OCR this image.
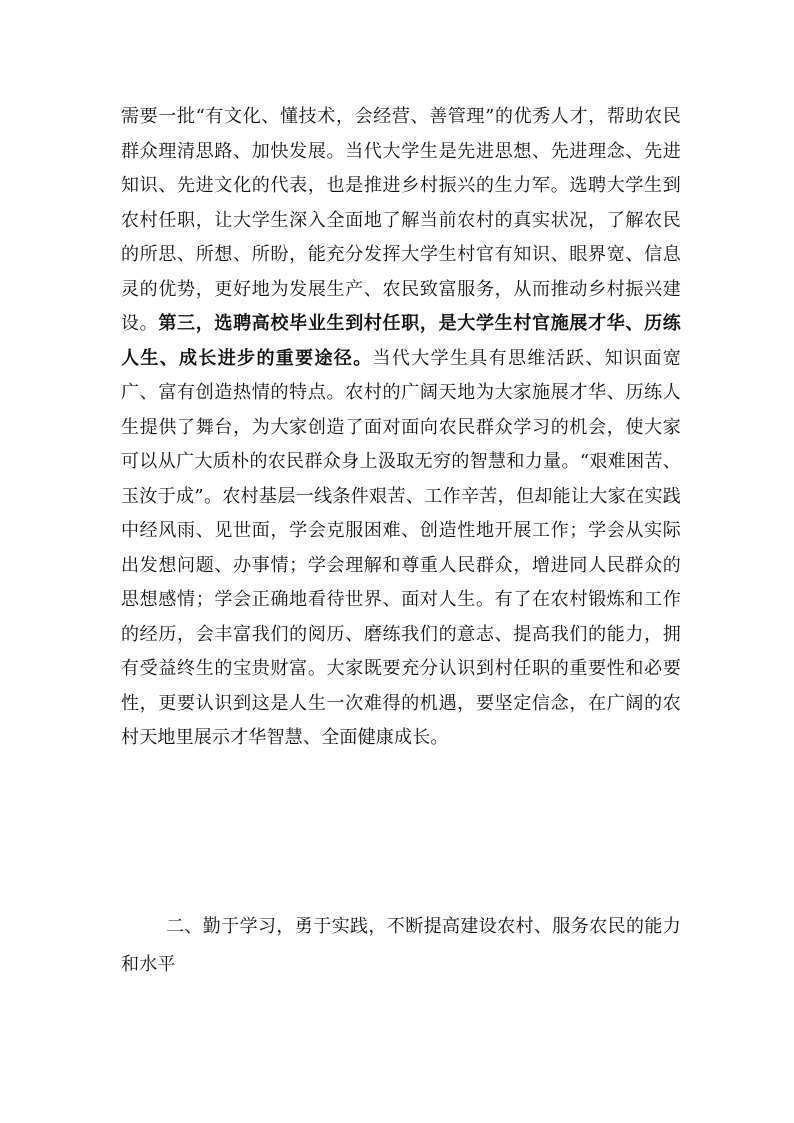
需要一批“有文化、懂技术，会经营、善管理”的优秀人才，帮助农民群众理清思路、加快发展。当代大学生是先进思想、先进理念、先进知识、先进文化的代表，也是推进乡村振兴的生力军。选聘大学生到农村任职，让大学生深入全面地了解当前农村的真实状况，了解农民的所思、所想、所盼，能充分发挥大学生村官有知识、眼界宽、信息灵的优势，更好地为发展生产、农民致富服务，从而推动乡村振兴建设。第三，选聘高校毕业生到村任职，是大学生村官施展才华、历练人生、成长进步的重要途径。当代大学生具有思维活跃、知识面宽广、富有创造热情的特点。农村的广阔天地为大家施展才华、历练人生提供了舞台，为大家创造了面对面向农民群众学习的机会，使大家可以从广大质朴的农民群众身上汲取无穷的智慧和力量。“艰难困苦、玉汝于成”。农村基层一线条件艰苦、工作辛苦，但却能让大家在实践中经风雨、见世面，学会克服困难、创造性地开展工作；学会从实际出发想问题、办事情；学会理解和尊重人民群众，增进同人民群众的思想感情；学会正确地看待世界、面对人生。有了在农村锻炼和工作的经历，会丰富我们的阅历、磨练我们的意志、提高我们的能力，拥有受益终生的宝贵财富。大家既要充分认识到村任职的重要性和必要性，更要认识到这是人生一次难得的机遇，要坚定信念，在广阔的农村天地里展示才华智慧、全面健康成长。

二、勤于学习，勇于实践，不断提高建设农村、服务农民的能力和水平
